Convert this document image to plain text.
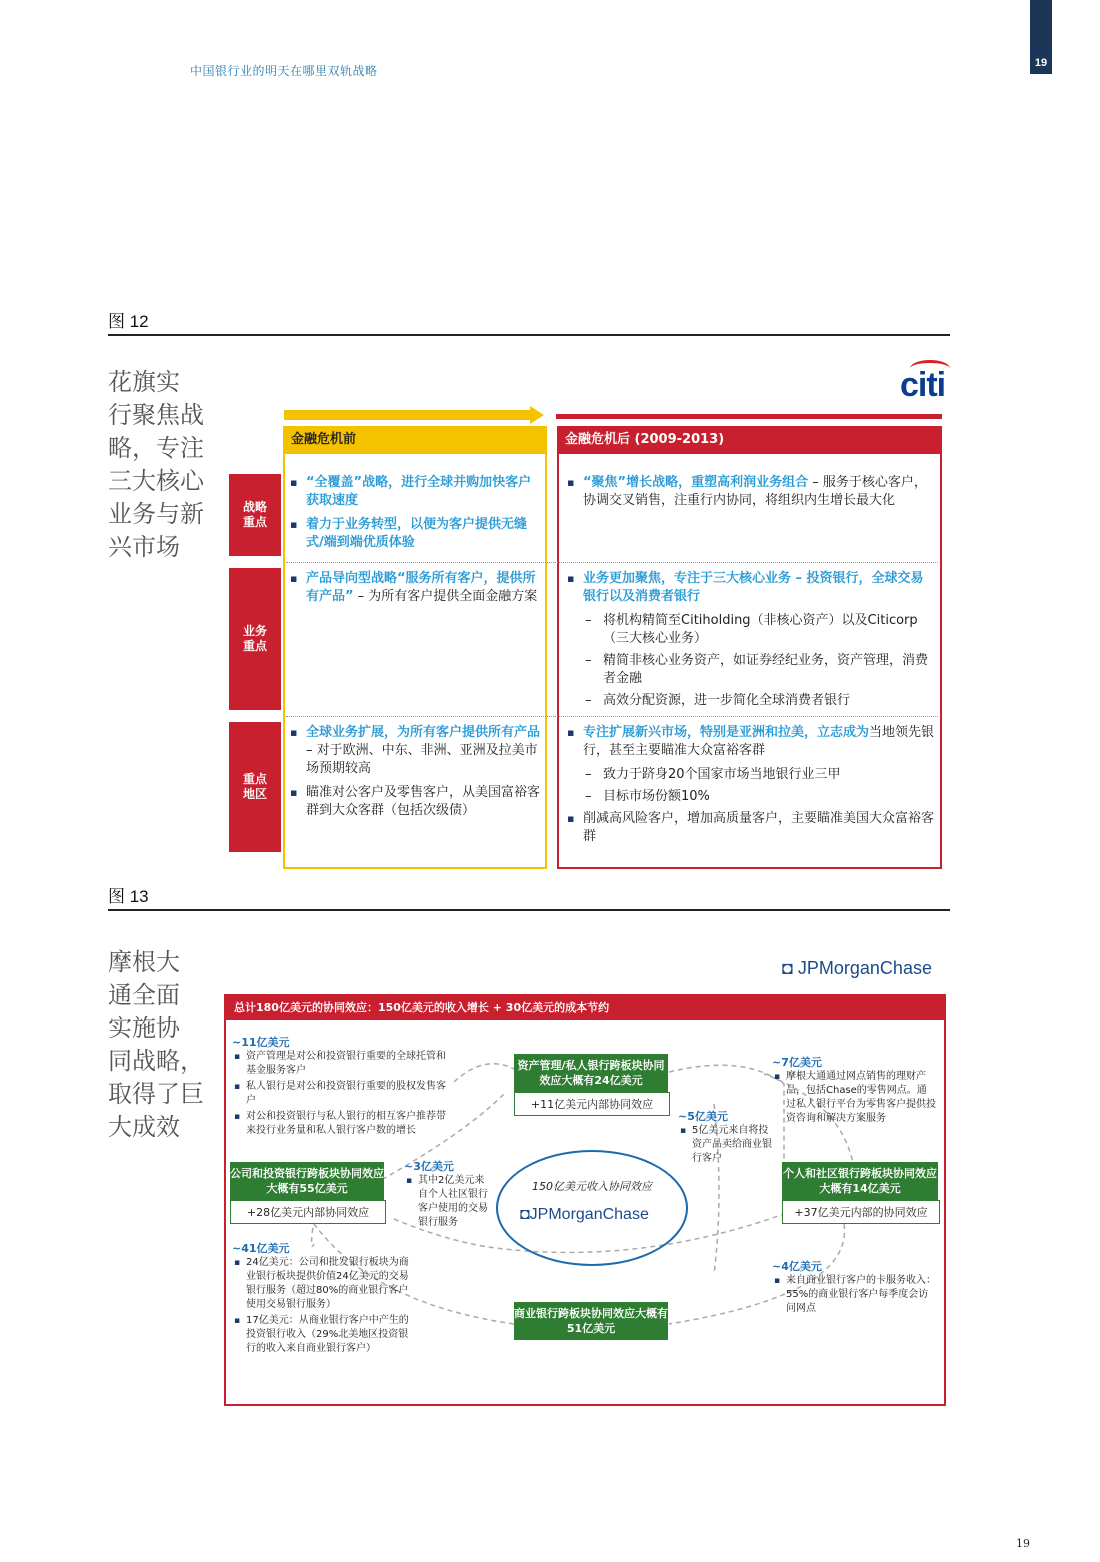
中国银行业的明天在哪里双轨战略
19
图 12
花旗实
行聚焦战
略，专注
三大核心
业务与新
兴市场
citi
金融危机前	金融危机后 (2009-2013)
战略重点
业务重点
重点地区
▪ “全覆盖”战略，进行全球并购加快客户获取速度
▪ 着力于业务转型，以便为客户提供无缝式/端到端优质体验
▪ “聚焦”增长战略，重塑高利润业务组合 – 服务于核心客户，协调交叉销售，注重行内协同，将组织内生增长最大化
▪ 产品导向型战略“服务所有客户，提供所有产品” – 为所有客户提供全面金融方案
▪ 业务更加聚焦，专注于三大核心业务 – 投资银行，全球交易银行以及消费者银行
– 将机构精简至Citiholding（非核心资产）以及Citicorp（三大核心业务）
– 精简非核心业务资产，如证券经纪业务，资产管理，消费者金融
– 高效分配资源，进一步简化全球消费者银行
▪ 全球业务扩展，为所有客户提供所有产品 – 对于欧洲、中东、非洲、亚洲及拉美市场预期较高
▪ 瞄准对公客户及零售客户，从美国富裕客群到大众客群（包括次级债）
▪ 专注扩展新兴市场，特别是亚洲和拉美，立志成为当地领先银行，甚至主要瞄准大众富裕客群
– 致力于跻身20个国家市场当地银行业三甲
– 目标市场份额10%
▪ 削减高风险客户，增加高质量客户，主要瞄准美国大众富裕客群
图 13
摩根大
通全面
实施协
同战略，
取得了巨
大成效
◘ JPMorganChase
总计180亿美元的协同效应：150亿美元的收入增长 + 30亿美元的成本节约
150亿美元收入协同效应
◘JPMorganChase
资产管理/私人银行跨板块协同效应大概有24亿美元
+11亿美元内部协同效应
公司和投资银行跨板块协同效应大概有55亿美元
+28亿美元内部协同效应
个人和社区银行跨板块协同效应大概有14亿美元
+37亿美元内部的协同效应
商业银行跨板块协同效应大概有51亿美元
~11亿美元
▪ 资产管理是对公和投资银行重要的全球托管和基金服务客户
▪ 私人银行是对公和投资银行重要的股权发售客户
▪ 对公和投资银行与私人银行的相互客户推荐带来投行业务量和私人银行客户数的增长
~7亿美元
▪ 摩根大通通过网点销售的理财产品，包括Chase的零售网点。通过私人银行平台为零售客户提供投资咨询和解决方案服务
~5亿美元
▪ 5亿美元来自将投资产品卖给商业银行客户
~3亿美元
▪ 其中2亿美元来自个人社区银行客户使用的交易银行服务
~41亿美元
▪ 24亿美元：公司和批发银行板块为商业银行板块提供价值24亿美元的交易银行服务（超过80%的商业银行客户使用交易银行服务）
▪ 17亿美元：从商业银行客户中产生的投资银行收入（29%北美地区投资银行的收入来自商业银行客户）
~4亿美元
▪ 来自商业银行客户的卡服务收入：55%的商业银行客户每季度会访问网点
19
